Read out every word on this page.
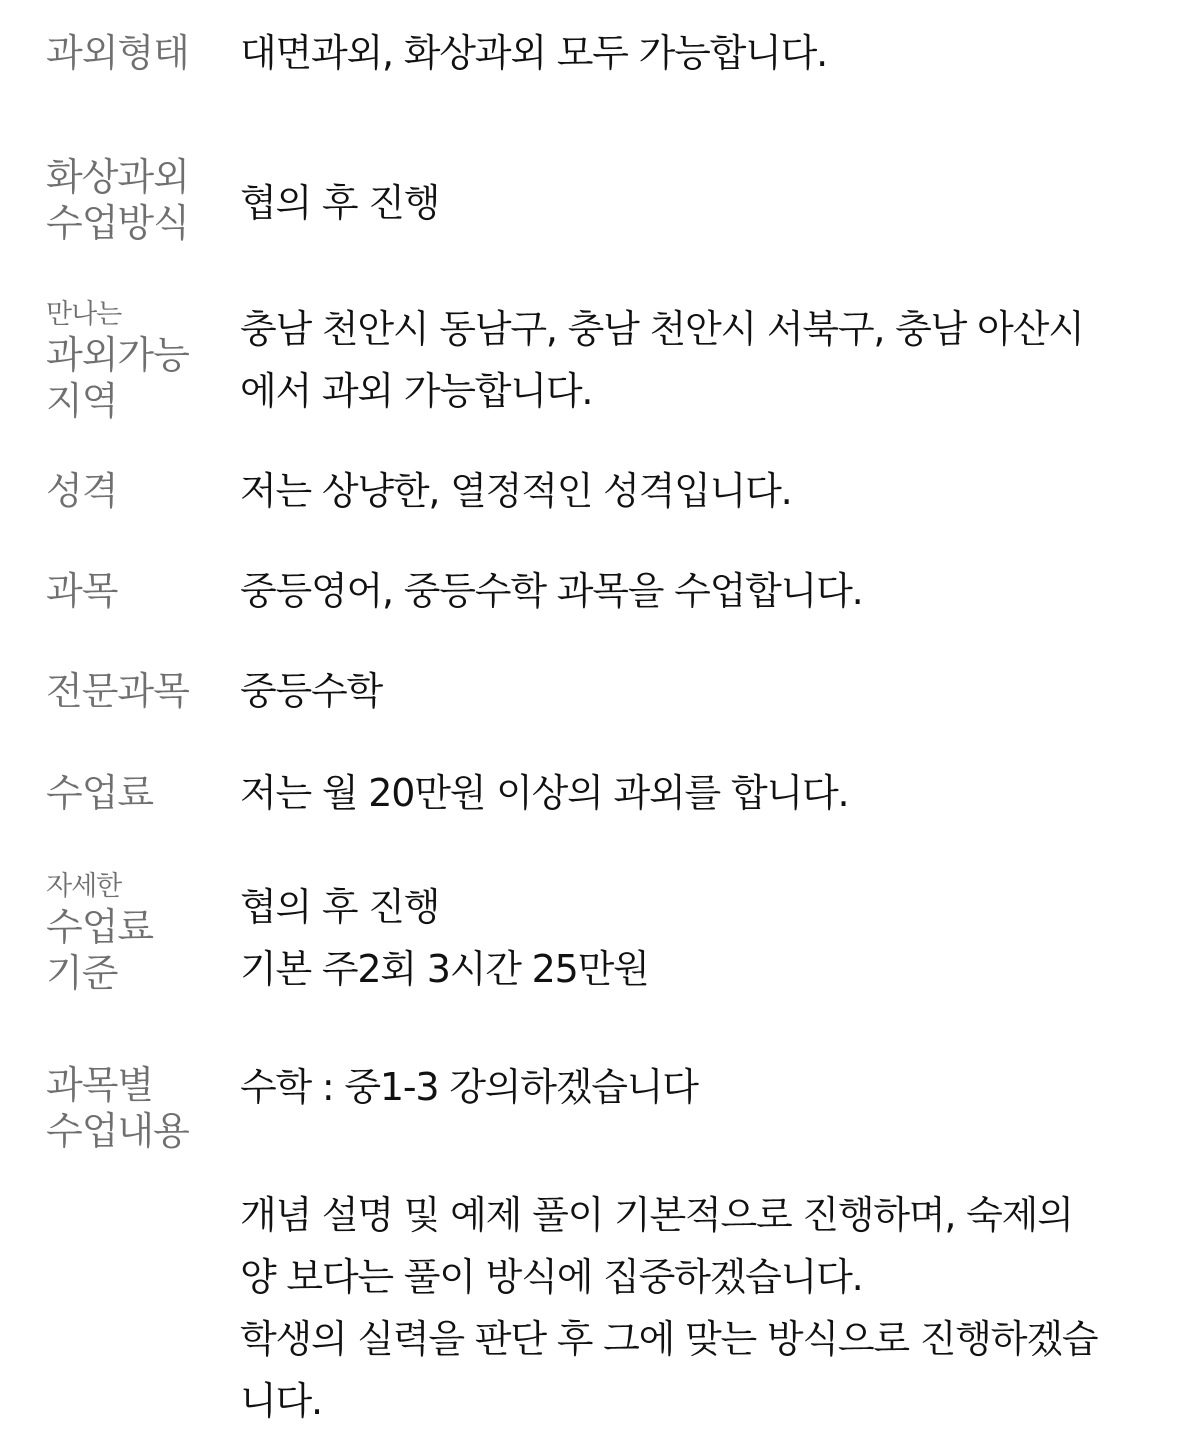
과외형태 대면과외, 화상과외 모두 가능합니다.
화상과외
수업방식 협의 후 진행
만나는
과외가능
지역
충남 천안시 동남구, 충남 천안시 서북구, 충남 아산시
에서 과외 가능합니다.
성격	저는 상냥한, 열정적인 성격입니다.
과목	중등영어, 중등수학 과목을 수업합니다.
전문과목 중등수학
수업료 저는 월 20만원 이상의 과외를 합니다.
자세한
수업료
기준
협의 후 진행
기본 주2회 3시간 25만원
과목별
수업내용
수학 : 중1-3 강의하겠습니다
개념 설명 및 예제 풀이 기본적으로 진행하며, 숙제의
양 보다는 풀이 방식에 집중하겠습니다.
학생의 실력을 판단 후 그에 맞는 방식으로 진행하겠습
니다.
